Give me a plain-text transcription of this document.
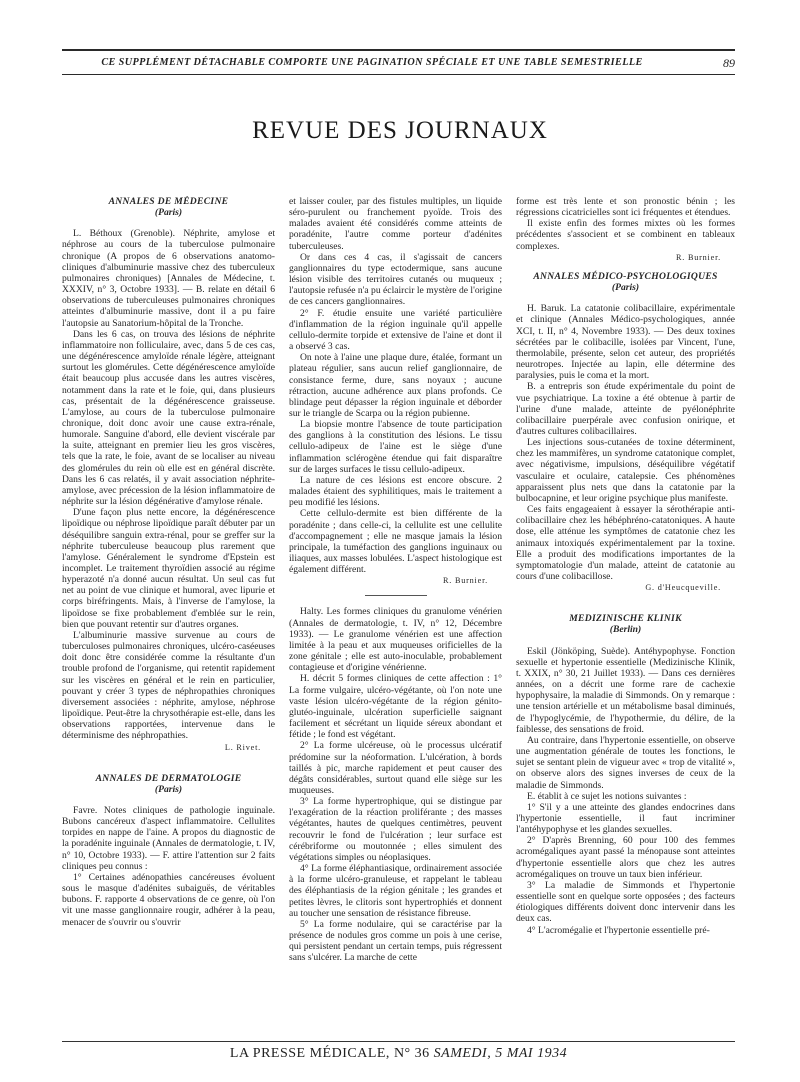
CE SUPPLÉMENT DÉTACHABLE COMPORTE UNE PAGINATION SPÉCIALE ET UNE TABLE SEMESTRIELLE	89
REVUE DES JOURNAUX
ANNALES DE MÉDECINE
(Paris)

L. Béthoux (Grenoble). Néphrite, amylose et néphrose au cours de la tuberculose pulmonaire chronique (A propos de 6 observations anatomo-cliniques d'albuminurie massive chez des tuberculeux pulmonaires chroniques) [Annales de Médecine, t. XXXIV, n° 3, Octobre 1933]. — B. relate en détail 6 observations de tuberculeuses pulmonaires chroniques atteintes d'albuminurie massive, dont il a pu faire l'autopsie au Sanatorium-hôpital de la Tronche.

Dans les 6 cas, on trouva des lésions de néphrite inflammatoire non folliculaire, avec, dans 5 de ces cas, une dégénérescence amyloïde rénale légère, atteignant surtout les glomérules. Cette dégénérescence amyloïde était beaucoup plus accusée dans les autres viscères, notamment dans la rate et le foie, qui, dans plusieurs cas, présentait de la dégénérescence graisseuse. L'amylose, au cours de la tuberculose pulmonaire chronique, doit donc avoir une cause extra-rénale, humorale. Sanguine d'abord, elle devient viscérale par la suite, atteignant en premier lieu les gros viscères, tels que la rate, le foie, avant de se localiser au niveau des glomérules du rein où elle est en général discrète. Dans les 6 cas relatés, il y avait association néphrite-amylose, avec précession de la lésion inflammatoire de néphrite sur la lésion dégénérative d'amylose rénale.

D'une façon plus nette encore, la dégénérescence lipoïdique ou néphrose lipoïdique paraît débuter par un déséquilibre sanguin extra-rénal, pour se greffer sur la néphrite tuberculeuse beaucoup plus rarement que l'amylose. Généralement le syndrome d'Epstein est incomplet. Le traitement thyroïdien associé au régime hyperazoté n'a donné aucun résultat. Un seul cas fut net au point de vue clinique et humoral, avec lipurie et corps biréfringents. Mais, à l'inverse de l'amylose, la lipoïdose se fixe probablement d'emblée sur le rein, bien que pouvant retentir sur d'autres organes.

L'albuminurie massive survenue au cours de tuberculoses pulmonaires chroniques, ulcéro-caséeuses doit donc être considérée comme la résultante d'un trouble profond de l'organisme, qui retentit rapidement sur les viscères en général et le rein en particulier, pouvant y créer 3 types de néphropathies chroniques diversement associées : néphrite, amylose, néphrose lipoïdique. Peut-être la chrysothérapie est-elle, dans les observations rapportées, intervenue dans le déterminisme des néphropathies.

L. Rivet.
ANNALES DE DERMATOLOGIE
(Paris)

Favre. Notes cliniques de pathologie inguinale. Bubons cancéreux d'aspect inflammatoire. Cellulites torpides en nappe de l'aine. A propos du diagnostic de la poradénite inguinale (Annales de dermatologie, t. IV, n° 10, Octobre 1933). — F. attire l'attention sur 2 faits cliniques peu connus :

1° Certaines adénopathies cancéreuses évoluent sous le masque d'adénites subaiguës, de véritables bubons. F. rapporte 4 observations de ce genre, où l'on vit une masse ganglionnaire rougir, adhérer à la peau, menacer de s'ouvrir ou s'ouvrir

et laisser couler, par des fistules multiples, un liquide séro-purulent ou franchement pyoïde. Trois des malades avaient été considérés comme atteints de poradénite, l'autre comme porteur d'adénites tuberculeuses.

Or dans ces 4 cas, il s'agissait de cancers ganglionnaires du type ectodermique, sans aucune lésion visible des territoires cutanés ou muqueux ; l'autopsie refusée n'a pu éclaircir le mystère de l'origine de ces cancers ganglionnaires.

2° F. étudie ensuite une variété particulière d'inflammation de la région inguinale qu'il appelle cellulo-dermite torpide et extensive de l'aine et dont il a observé 3 cas.

On note à l'aine une plaque dure, étalée, formant un plateau régulier, sans aucun relief ganglionnaire, de consistance ferme, dure, sans noyaux ; aucune rétraction, aucune adhérence aux plans profonds. Ce blindage peut dépasser la région inguinale et déborder sur le triangle de Scarpa ou la région pubienne.

La biopsie montre l'absence de toute participation des ganglions à la constitution des lésions. Le tissu cellulo-adipeux de l'aine est le siège d'une inflammation sclérogène étendue qui fait disparaître sur de larges surfaces le tissu cellulo-adipeux.

La nature de ces lésions est encore obscure. 2 malades étaient des syphilitiques, mais le traitement a peu modifié les lésions.

Cette cellulo-dermite est bien différente de la poradénite ; dans celle-ci, la cellulite est une cellulite d'accompagnement ; elle ne masque jamais la lésion principale, la tuméfaction des ganglions inguinaux ou iliaques, aux masses lobulées. L'aspect histologique est également différent.

R. Burnier.

Halty. Les formes cliniques du granulome vénérien (Annales de dermatologie, t. IV, n° 12, Décembre 1933). — Le granulome vénérien est une affection limitée à la peau et aux muqueuses orificielles de la zone génitale ; elle est auto-inoculable, probablement contagieuse et d'origine vénérienne.

H. décrit 5 formes cliniques de cette affection : 1° La forme vulgaire, ulcéro-végétante, où l'on note une vaste lésion ulcéro-végétante de la région génito-glutéo-inguinale, ulcération superficielle saignant facilement et sécrétant un liquide séreux abondant et fétide ; le fond est végétant.

2° La forme ulcéreuse, où le processus ulcératif prédomine sur la néoformation. L'ulcération, à bords taillés à pic, marche rapidement et peut causer des dégâts considérables, surtout quand elle siège sur les muqueuses.

3° La forme hypertrophique, qui se distingue par l'exagération de la réaction proliférante ; des masses végétantes, hautes de quelques centimètres, peuvent recouvrir le fond de l'ulcération ; leur surface est cérébriforme ou moutonnée ; elles simulent des végétations simples ou néoplasiques.

4° La forme éléphantiasique, ordinairement associée à la forme ulcéro-granuleuse, et rappelant le tableau des éléphantiasis de la région génitale ; les grandes et petites lèvres, le clitoris sont hypertrophiés et donnent au toucher une sensation de résistance fibreuse.

5° La forme nodulaire, qui se caractérise par la présence de nodules gros comme un pois à une cerise, qui persistent pendant un certain temps, puis régressent sans s'ulcérer. La marche de cette

forme est très lente et son pronostic bénin ; les régressions cicatricielles sont ici fréquentes et étendues.

Il existe enfin des formes mixtes où les formes précédentes s'associent et se combinent en tableaux complexes.

R. Burnier.
ANNALES MÉDICO-PSYCHOLOGIQUES
(Paris)

H. Baruk. La catatonie colibacillaire, expérimentale et clinique (Annales Médico-psychologiques, année XCI, t. II, n° 4, Novembre 1933). — Des deux toxines sécrétées par le colibacille, isolées par Vincent, l'une, thermolabile, présente, selon cet auteur, des propriétés neurotropes. Injectée au lapin, elle détermine des paralysies, puis le coma et la mort.

B. a entrepris son étude expérimentale du point de vue psychiatrique. La toxine a été obtenue à partir de l'urine d'une malade, atteinte de pyélonéphrite colibacillaire puerpérale avec confusion onirique, et d'autres cultures colibacillaires.

Les injections sous-cutanées de toxine déterminent, chez les mammifères, un syndrome catatonique complet, avec négativisme, impulsions, déséquilibre végétatif vasculaire et oculaire, catalepsie. Ces phénomènes apparaissent plus nets que dans la catatonie par la bulbocapnine, et leur origine psychique plus manifeste.

Ces faits engageaient à essayer la sérothérapie anti-colibacillaire chez les hébéphréno-catatoniques. A haute dose, elle atténue les symptômes de catatonie chez les animaux intoxiqués expérimentalement par la toxine. Elle a produit des modifications importantes de la symptomatologie d'un malade, atteint de catatonie au cours d'une colibacillose.

G. d'Heucqueville.
MEDIZINISCHE KLINIK
(Berlin)

Eskil (Jönköping, Suède). Antéhypophyse. Fonction sexuelle et hypertonie essentielle (Medizinische Klinik, t. XXIX, n° 30, 21 Juillet 1933). — Dans ces dernières années, on a décrit une forme rare de cachexie hypophysaire, la maladie di Simmonds. On y remarque : une tension artérielle et un métabolisme basal diminués, de l'hypoglycémie, de l'hypothermie, du délire, de la faiblesse, des sensations de froid.

Au contraire, dans l'hypertonie essentielle, on observe une augmentation générale de toutes les fonctions, le sujet se sentant plein de vigueur avec « trop de vitalité », on observe alors des signes inverses de ceux de la maladie de Simmonds.

E. établit à ce sujet les notions suivantes :

1° S'il y a une atteinte des glandes endocrines dans l'hypertonie essentielle, il faut incriminer l'antéhypophyse et les glandes sexuelles.

2° D'après Brenning, 60 pour 100 des femmes acromégaliques ayant passé la ménopause sont atteintes d'hypertonie essentielle alors que chez les autres acromégaliques on trouve un taux bien inférieur.

3° La maladie de Simmonds et l'hypertonie essentielle sont en quelque sorte opposées ; des facteurs étiologiques différents doivent donc intervenir dans les deux cas.

4° L'acromégalie et l'hypertonie essentielle pré-

LA PRESSE MÉDICALE, N° 36 SAMEDI, 5 MAI 1934
